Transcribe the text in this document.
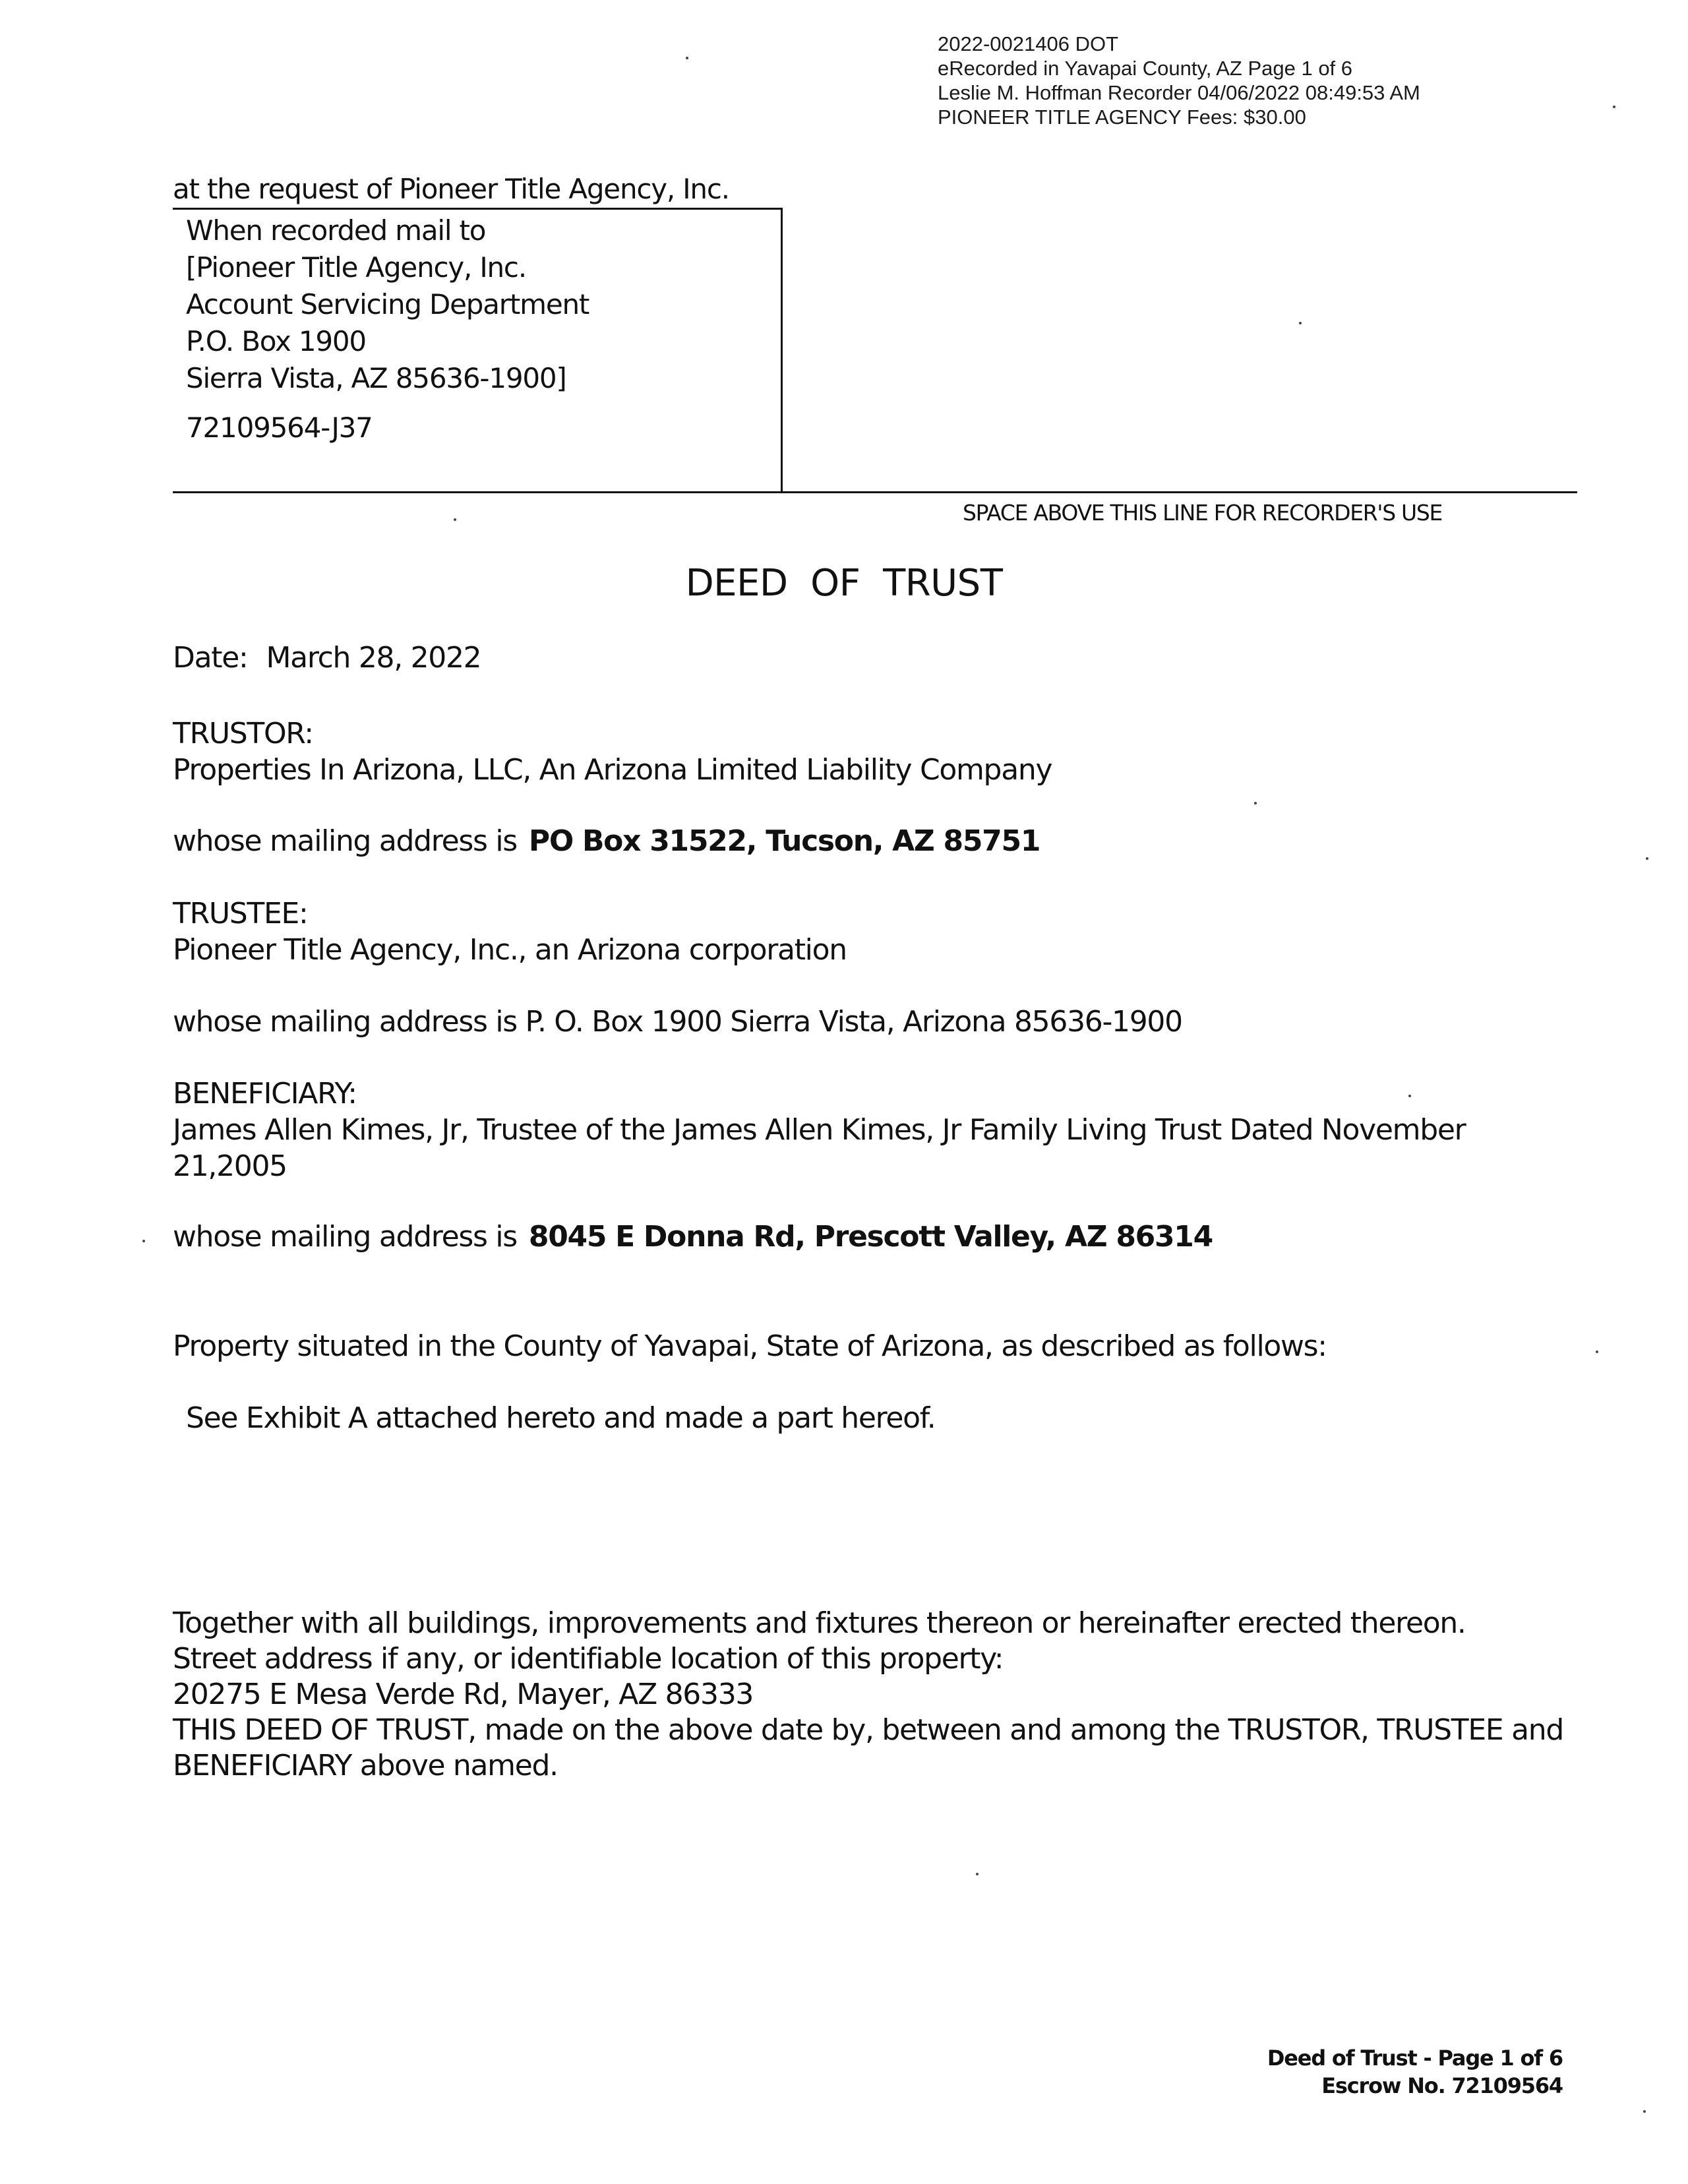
2022-0021406 DOT
eRecorded in Yavapai County, AZ Page 1 of 6
Leslie M. Hoffman Recorder 04/06/2022 08:49:53 AM
PIONEER TITLE AGENCY Fees: $30.00
at the request of Pioneer Title Agency, Inc.
When recorded mail to
[Pioneer Title Agency, Inc.
Account Servicing Department
P.O. Box 1900
Sierra Vista, AZ 85636-1900]
72109564-J37
SPACE ABOVE THIS LINE FOR RECORDER'S USE
DEED  OF  TRUST
Date: March 28, 2022
TRUSTOR:
Properties In Arizona, LLC, An Arizona Limited Liability Company
whose mailing address is PO Box 31522, Tucson, AZ 85751
TRUSTEE:
Pioneer Title Agency, Inc., an Arizona corporation
whose mailing address is P. O. Box 1900 Sierra Vista, Arizona 85636-1900
BENEFICIARY:
James Allen Kimes, Jr, Trustee of the James Allen Kimes, Jr Family Living Trust Dated November
21,2005
whose mailing address is 8045 E Donna Rd, Prescott Valley, AZ 86314
Property situated in the County of Yavapai, State of Arizona, as described as follows:
See Exhibit A attached hereto and made a part hereof.
Together with all buildings, improvements and fixtures thereon or hereinafter erected thereon.
Street address if any, or identifiable location of this property:
20275 E Mesa Verde Rd, Mayer, AZ 86333
THIS DEED OF TRUST, made on the above date by, between and among the TRUSTOR, TRUSTEE and
BENEFICIARY above named.
Deed of Trust - Page 1 of 6
Escrow No. 72109564
